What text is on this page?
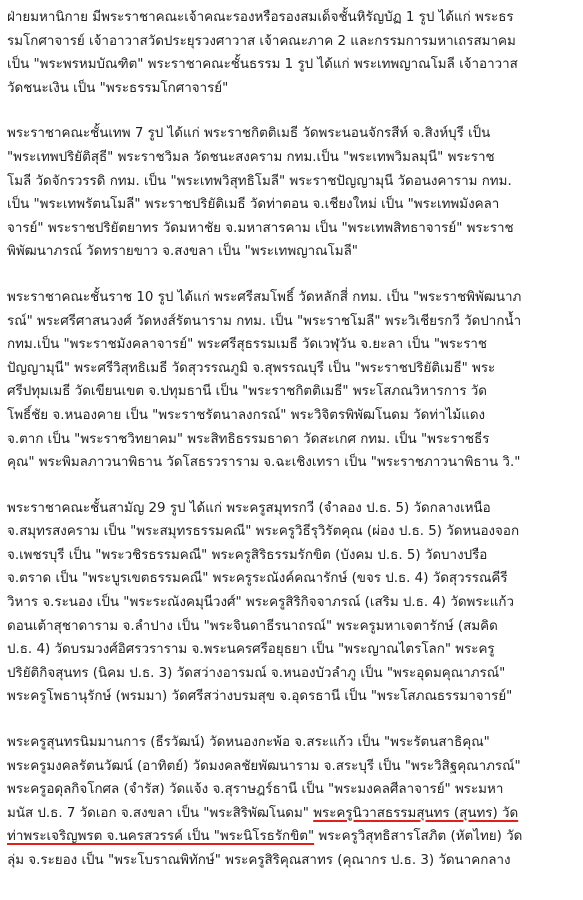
ฝ่ายมหานิกาย มีพระราชาคณะเจ้าคณะรองหรือรองสมเด็จชั้นหิรัญบัฏ 1 รูป ได้แก่ พระธร
รมโกศาจารย์ เจ้าอาวาสวัดประยุรวงศาวาส เจ้าคณะภาค 2 และกรรมการมหาเถรสมาคม
เป็น "พระพรหมบัณฑิต" พระราชาคณะชั้นธรรม 1 รูป ได้แก่ พระเทพญาณโมลี เจ้าอาวาส
วัดชนะเงิน เป็น "พระธรรมโกศาจารย์"
พระราชาคณะชั้นเทพ 7 รูป ได้แก่ พระราชกิตติเมธี วัดพระนอนจักรสีห์ จ.สิงห์บุรี เป็น
"พระเทพปริยัติสุธี" พระราชวิมล วัดชนะสงคราม กทม.เป็น "พระเทพวิมลมุนี" พระราช
โมลี วัดจักรวรรดิ กทม. เป็น "พระเทพวิสุทธิโมลี" พระราชปัญญามุนี วัดอนงคาราม กทม.
เป็น "พระเทพรัตนโมลี" พระราชปริยัติเมธี วัดท่าตอน จ.เชียงใหม่ เป็น "พระเทพมังคลา
จารย์" พระราชปริยัตยาทร วัดมหาชัย จ.มหาสารคาม เป็น "พระเทพสิทธาจารย์" พระราช
พิพัฒนาภรณ์ วัดทรายขาว จ.สงขลา เป็น "พระเทพญาณโมลี"
พระราชาคณะชั้นราช 10 รูป ได้แก่ พระศรีสมโพธิ์ วัดหลักสี่ กทม. เป็น "พระราชพิพัฒนาภ
รณ์" พระศรีศาสนวงศ์ วัดหงส์รัตนาราม กทม. เป็น "พระราชโมลี" พระวิเชียรกวี วัดปากน้ำ
กทม.เป็น "พระราชมังคลาจารย์" พระศรีสุธรรมเมธี วัดเวฬุวัน จ.ยะลา เป็น "พระราช
ปัญญามุนี" พระศรีวิสุทธิเมธี วัดสุวรรณภูมิ จ.สุพรรณบุรี เป็น "พระราชปริยัติเมธี" พระ
ศรีปทุมเมธี วัดเขียนเขต จ.ปทุมธานี เป็น "พระราชกิตติเมธี" พระโสภณวิหารการ วัด
โพธิ์ชัย จ.หนองคาย เป็น "พระราชรัตนาลงกรณ์" พระวิจิตรพิพัฒโนดม วัดท่าไม้แดง
จ.ตาก เป็น "พระราชวิทยาคม" พระสิทธิธรรมธาดา วัดสะเกศ กทม. เป็น "พระราชธีร
คุณ" พระพิมลภาวนาพิธาน วัดโสธรวราราม จ.ฉะเชิงเทรา เป็น "พระราชภาวนาพิธาน วิ."
พระราชาคณะชั้นสามัญ 29 รูป ได้แก่ พระครูสมุทรกวี (จำลอง ป.ธ. 5) วัดกลางเหนือ
จ.สมุทรสงคราม เป็น "พระสมุทรธรรมคณี" พระครูวิธีรุวิรัตคุณ (ผ่อง ป.ธ. 5) วัดหนองจอก
จ.เพชรบุรี เป็น "พระวชิรธรรมคณี" พระครูสิริธรรมรักขิต (บังคม ป.ธ. 5) วัดบางปรือ
จ.ตราด เป็น "พระบูรเขตธรรมคณี" พระครูระณังค์คณารักษ์ (ขจร ป.ธ. 4) วัดสุวรรณคีรี
วิหาร จ.ระนอง เป็น "พระระณังคมุนีวงศ์" พระครูสิริกิจจาภรณ์ (เสริม ป.ธ. 4) วัดพระแก้ว
ดอนเต้าสุชาดาราม จ.ลำปาง เป็น "พระจินดาธีรนาถรณ์" พระครูมหาเจตารักษ์ (สมคิด
ป.ธ. 4) วัดบรมวงศ์อิศรวราราม จ.พระนครศรีอยุธยา เป็น "พระญาณไตรโลก" พระครู
ปริยัติกิจสุนทร (นิคม ป.ธ. 3) วัดสว่างอารมณ์ จ.หนองบัวลำภู เป็น "พระอุดมคุณาภรณ์"
พระครูโพธานุรักษ์ (พรมมา) วัดศรีสว่างบรมสุข จ.อุดรธานี เป็น "พระโสภณธรรมาจารย์"
พระครูสุนทรนิมมานการ (ธีรวัฒน์) วัดหนองกะพ้อ จ.สระแก้ว เป็น "พระรัตนสาธิคุณ"
พระครูมงคลรัตนวัฒน์ (อาทิตย์) วัดมงคลชัยพัฒนาราม จ.สระบุรี เป็น "พระวิสิฐคุณาภรณ์"
พระครูอดุลกิจโกศล (จำรัส) วัดแจ้ง จ.สุราษฎร์ธานี เป็น "พระมงคลศีลาจารย์" พระมหา
มนัส ป.ธ. 7 วัดเอก จ.สงขลา เป็น "พระสิริพัฒโนดม" พระครูนิวาสธรรมสุนทร (สุนทร) วัด
ท่าพระเจริญพรต จ.นครสวรรค์ เป็น "พระนิโรธรักขิต" พระครูวิสุทธิสารโสภิต (หัตไทย) วัด
ลุ่ม จ.ระยอง เป็น "พระโบราณพิทักษ์" พระครูสิริคุณสาทร (คุณากร ป.ธ. 3) วัดนาคกลาง
